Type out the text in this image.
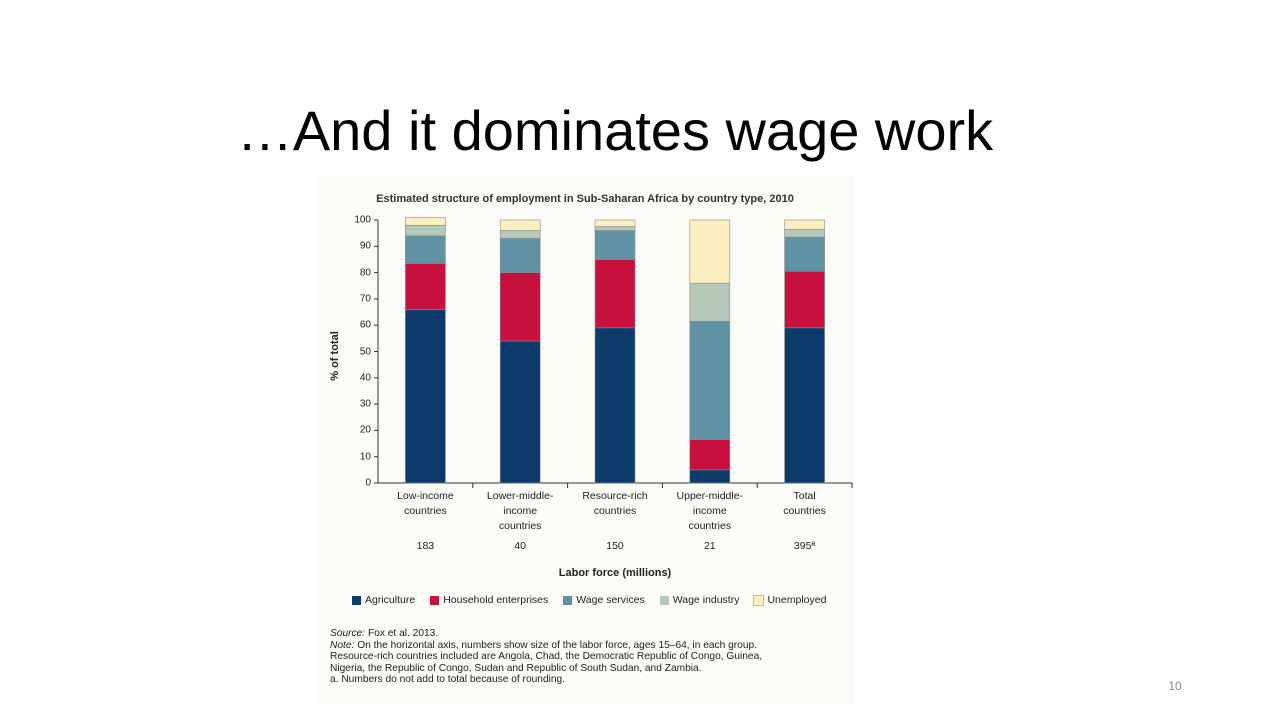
…And it dominates wage work
Estimated structure of employment in Sub-Saharan Africa by country type, 2010
% of total
0
10
20
30
40
50
60
70
80
90
100
Low-income
countries
183
Lower-middle-
income
countries
40
Resource-rich
countries
150
Upper-middle-
income
countries
21
Total
countries
395ª
Labor force (millions)
Agriculture	Household enterprises	Wage services	Wage industry	Unemployed

Source: Fox et al. 2013.

Note: On the horizontal axis, numbers show size of the labor force, ages 15–64, in each group.

Resource-rich countries included are Angola, Chad, the Democratic Republic of Congo, Guinea,

Nigeria, the Republic of Congo, Sudan and Republic of South Sudan, and Zambia.

a. Numbers do not add to total because of rounding.	10
